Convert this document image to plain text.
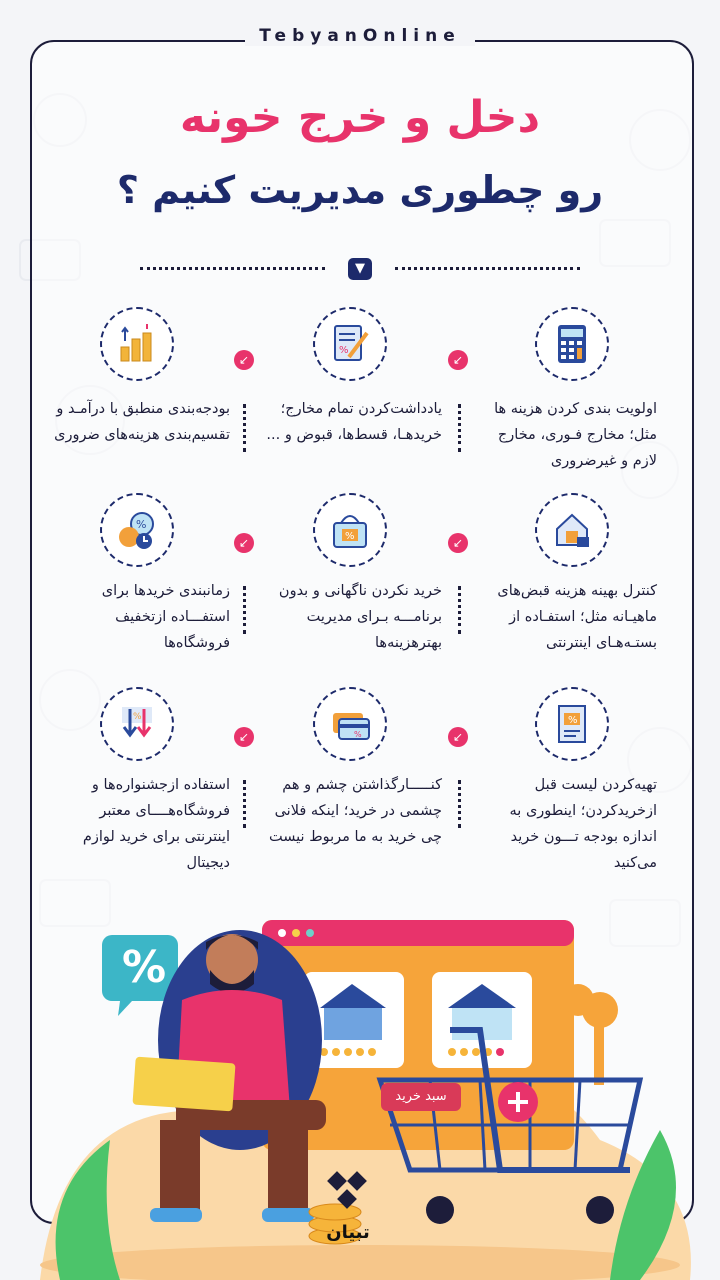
TebyanOnline
دخل و خرج خونه
رو چطوری مدیریت کنیم ؟
▼
%
↙
↙
اولویت بندی کردن هزینه ها مثل؛ مخارج فـوری، مخارج لازم و غیرضروری
یادداشت‌کردن تمام مخارج؛ خریدهـا، قسط‌ها، قبوض و ...
بودجه‌بندی منطبق با درآمـد و تقسیم‌بندی هزینه‌های ضروری
%
%
↙
↙
کنترل بهینه هزینه قبض‌های ماهیـانه مثل؛ استفـاده از بستـه‌هـای اینترنتی
خرید نکردن ناگهانی و بدون برنامـــه بـرای مدیریت بهترهزینه‌ها
زمانبندی خریدها برای استفـــاده ازتخفیف فروشگاه‌ها
%
%
%
↙
↙
تهیه‌کردن لیست قبل ازخرید‌کردن؛ اینطوری به اندازه بودجه تـــون خرید می‌کنید
کنـــــارگذاشتن چشم و هم چشمی در خرید؛ اینکه فلانی چی خرید به ما مربوط نیست
استفاده ازجشنواره‌ها و فروشگاه‌هــــای معتبر اینترنتی برای خرید لوازم دیجیتال
%
سبد خرید
تبیان
